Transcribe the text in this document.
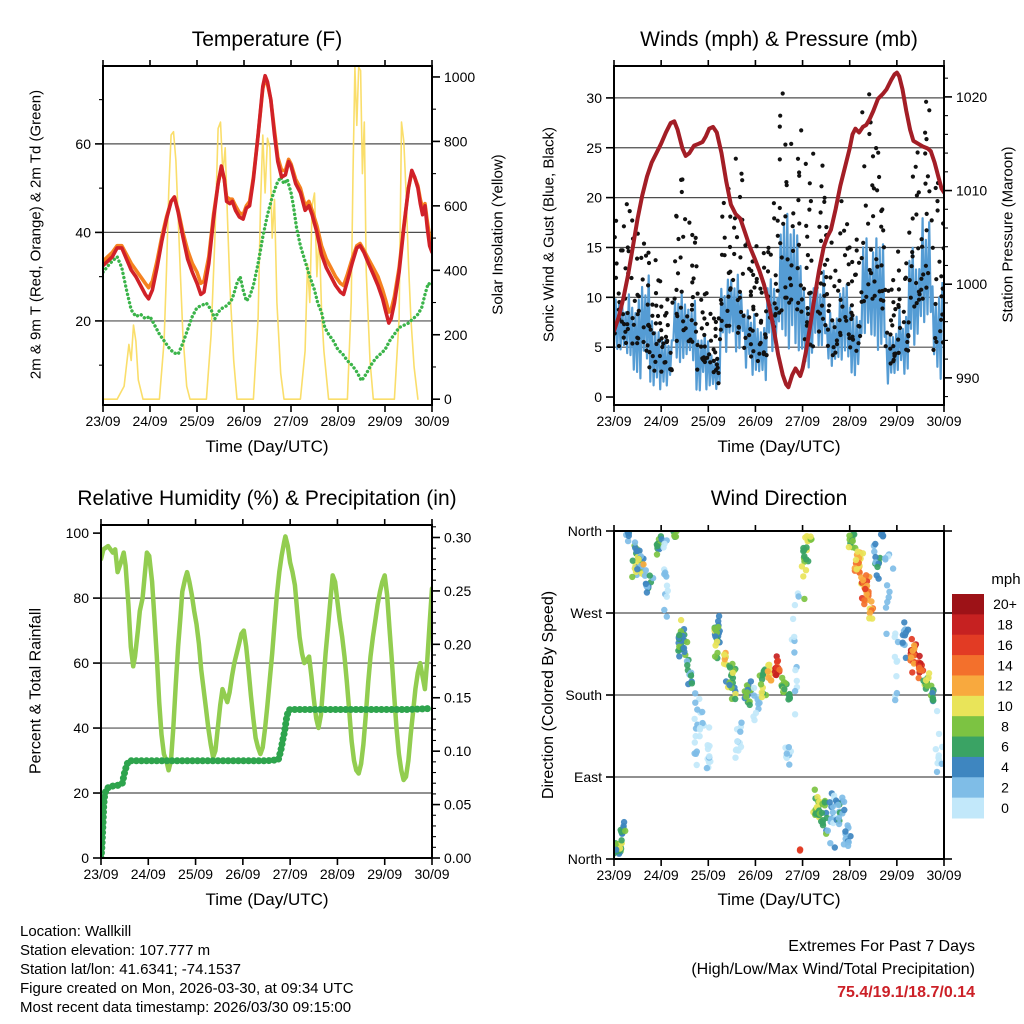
23/09 24/09 25/09 26/09 27/09 28/09 29/09 30/09
20
40
60
0
200
400
600
800
1000
23/09 24/09 25/09 26/09 27/09 28/09 29/09 30/09
0
5
10
15
20
25
30
990
1000
1010
1020
23/09 24/09 25/09 26/09 27/09 28/09 29/09 30/09
0
20
40
60
80
100
0.00
0.05
0.10
0.15
0.20
0.25
0.30
23/09 24/09 25/09 26/09 27/09 28/09 29/09 30/09
North
West
South
East
North
mph
20+
18
16
14
12
10
8
6
4
2
0
Temperature (F)	Winds (mph) & Pressure (mb)
Relative Humidity (%) & Precipitation (in)	Wind Direction
Time (Day/UTC)	Time (Day/UTC)
Time (Day/UTC)	Time (Day/UTC)
2m & 9m T (Red, Orange) & 2m Td (Green)	Solar Insolation (Yellow) Sonic Wind & Gust (Blue, Black)	Station Pressure (Maroon)
Percent & Total Rainfall	Direction (Colored By Speed)
Location: Wallkill
Station elevation: 107.777 m
Station lat/lon: 41.6341; -74.1537
Figure created on Mon, 2026-03-30, at 09:34 UTC
Most recent data timestamp: 2026/03/30 09:15:00
Extremes For Past 7 Days
(High/Low/Max Wind/Total Precipitation)
75.4/19.1/18.7/0.14
